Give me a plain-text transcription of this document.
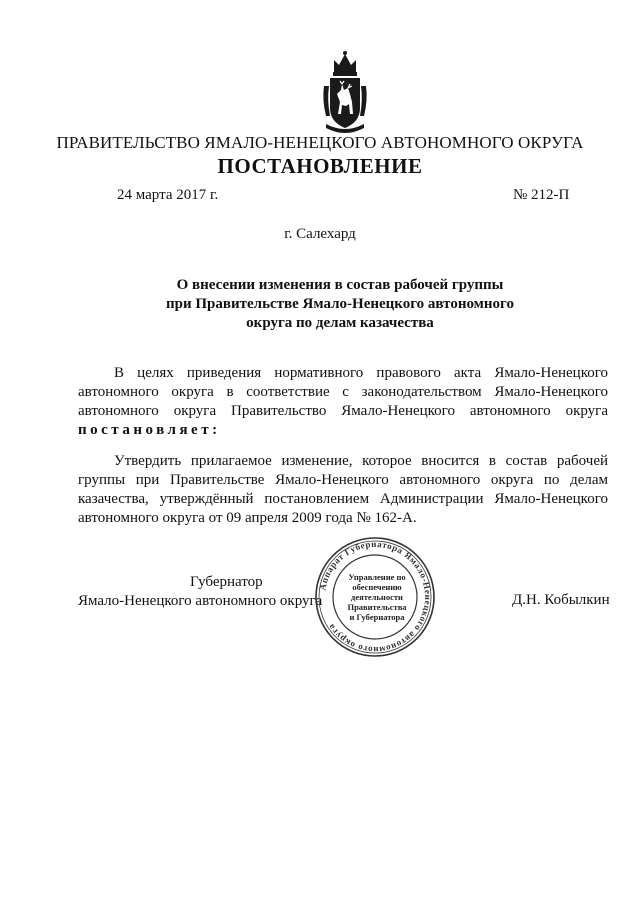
ПРАВИТЕЛЬСТВО ЯМАЛО-НЕНЕЦКОГО АВТОНОМНОГО ОКРУГА
ПОСТАНОВЛЕНИЕ
24 марта 2017 г.	№ 212-П
г. Салехард
О внесении изменения в состав рабочей группы
при Правительстве Ямало-Ненецкого автономного
округа по делам казачества
В целях приведения нормативного правового акта Ямало-Ненецкого
автономного округа в соответствие с законодательством Ямало-Ненецкого
автономного округа Правительство Ямало-Ненецкого автономного округа
постановляет:
Утвердить прилагаемое изменение, которое вносится в состав рабочей
группы при Правительстве Ямало-Ненецкого автономного округа по делам
казачества, утверждённый постановлением Администрации Ямало-Ненецкого
автономного округа от 09 апреля 2009 года № 162-А.
Губернатор
Ямало-Ненецкого автономного округа
Аппарат Губернатора Ямало-Ненецкого автономного округа
Управление по
обеспечению
деятельности
Правительства
и Губернатора
Д.Н. Кобылкин
